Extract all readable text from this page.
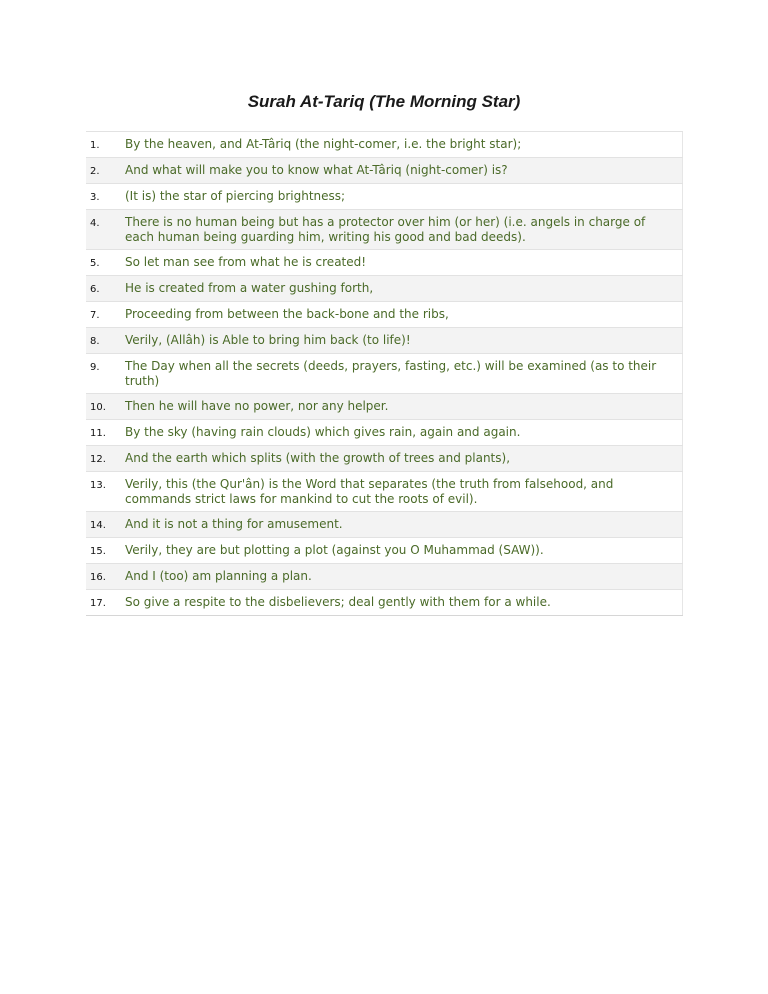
Surah At-Tariq (The Morning Star)
1.	By the heaven, and At-Târiq (the night-comer, i.e. the bright star);
2.	And what will make you to know what At-Târiq (night-comer) is?
3.	(It is) the star of piercing brightness;
4.	There is no human being but has a protector over him (or her) (i.e. angels in charge of each human being guarding him, writing his good and bad deeds).
5.	So let man see from what he is created!
6.	He is created from a water gushing forth,
7.	Proceeding from between the back-bone and the ribs,
8.	Verily, (Allâh) is Able to bring him back (to life)!
9.	The Day when all the secrets (deeds, prayers, fasting, etc.) will be examined (as to their truth)
10.	Then he will have no power, nor any helper.
11.	By the sky (having rain clouds) which gives rain, again and again.
12.	And the earth which splits (with the growth of trees and plants),
13.	Verily, this (the Qur'ân) is the Word that separates (the truth from falsehood, and commands strict laws for mankind to cut the roots of evil).
14.	And it is not a thing for amusement.
15.	Verily, they are but plotting a plot (against you O Muhammad (SAW)).
16.	And I (too) am planning a plan.
17.	So give a respite to the disbelievers; deal gently with them for a while.
